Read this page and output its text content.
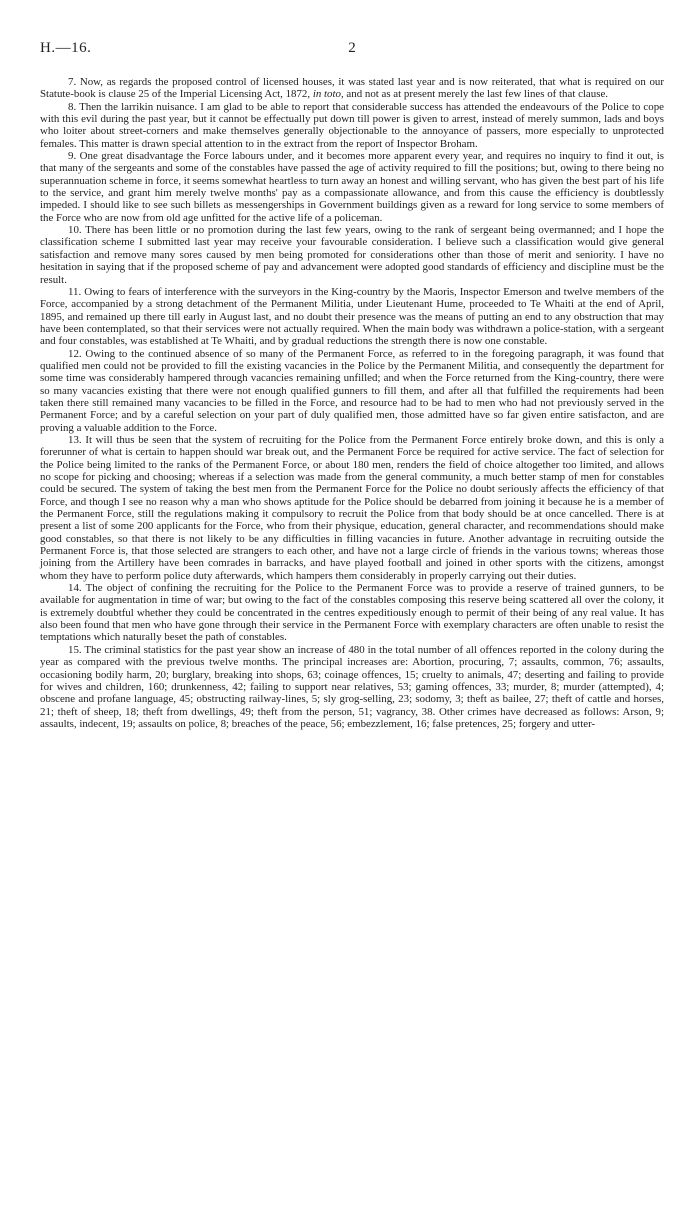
H.—16.	2

7. Now, as regards the proposed control of licensed houses, it was stated last year and is now reiterated, that what is required on our Statute-book is clause 25 of the Imperial Licensing Act, 1872, in toto, and not as at present merely the last few lines of that clause.

8. Then the larrikin nuisance. I am glad to be able to report that considerable success has attended the endeavours of the Police to cope with this evil during the past year, but it cannot be effectually put down till power is given to arrest, instead of merely summon, lads and boys who loiter about street-corners and make themselves generally objectionable to the annoyance of passers, more especially to unprotected females. This matter is drawn special attention to in the extract from the report of Inspector Broham.

9. One great disadvantage the Force labours under, and it becomes more apparent every year, and requires no inquiry to find it out, is that many of the sergeants and some of the constables have passed the age of activity required to fill the positions; but, owing to there being no superannuation scheme in force, it seems somewhat heartless to turn away an honest and willing servant, who has given the best part of his life to the service, and grant him merely twelve months' pay as a compassionate allowance, and from this cause the efficiency is doubtlessly impeded. I should like to see such billets as messengerships in Government buildings given as a reward for long service to some members of the Force who are now from old age unfitted for the active life of a policeman.

10. There has been little or no promotion during the last few years, owing to the rank of sergeant being overmanned; and I hope the classification scheme I submitted last year may receive your favourable consideration. I believe such a classification would give general satisfaction and remove many sores caused by men being promoted for considerations other than those of merit and seniority. I have no hesitation in saying that if the proposed scheme of pay and advancement were adopted good standards of efficiency and discipline must be the result.

11. Owing to fears of interference with the surveyors in the King-country by the Maoris, Inspector Emerson and twelve members of the Force, accompanied by a strong detachment of the Permanent Militia, under Lieutenant Hume, proceeded to Te Whaiti at the end of April, 1895, and remained up there till early in August last, and no doubt their presence was the means of putting an end to any obstruction that may have been contemplated, so that their services were not actually required. When the main body was withdrawn a police-station, with a sergeant and four constables, was established at Te Whaiti, and by gradual reductions the strength there is now one constable.

12. Owing to the continued absence of so many of the Permanent Force, as referred to in the foregoing paragraph, it was found that qualified men could not be provided to fill the existing vacancies in the Police by the Permanent Militia, and consequently the department for some time was considerably hampered through vacancies remaining unfilled; and when the Force returned from the King-country, there were so many vacancies existing that there were not enough qualified gunners to fill them, and after all that fulfilled the requirements had been taken there still remained many vacancies to be filled in the Force, and resource had to be had to men who had not previously served in the Permanent Force; and by a careful selection on your part of duly qualified men, those admitted have so far given entire satisfacton, and are proving a valuable addition to the Force.

13. It will thus be seen that the system of recruiting for the Police from the Permanent Force entirely broke down, and this is only a forerunner of what is certain to happen should war break out, and the Permanent Force be required for active service. The fact of selection for the Police being limited to the ranks of the Permanent Force, or about 180 men, renders the field of choice altogether too limited, and allows no scope for picking and choosing; whereas if a selection was made from the general community, a much better stamp of men for constables could be secured. The system of taking the best men from the Permanent Force for the Police no doubt seriously affects the efficiency of that Force, and though I see no reason why a man who shows aptitude for the Police should be debarred from joining it because he is a member of the Permanent Force, still the regulations making it compulsory to recruit the Police from that body should be at once cancelled. There is at present a list of some 200 applicants for the Force, who from their physique, education, general character, and recommendations should make good constables, so that there is not likely to be any difficulties in filling vacancies in future. Another advantage in recruiting outside the Permanent Force is, that those selected are strangers to each other, and have not a large circle of friends in the various towns; whereas those joining from the Artillery have been comrades in barracks, and have played football and joined in other sports with the citizens, amongst whom they have to perform police duty afterwards, which hampers them considerably in properly carrying out their duties.

14. The object of confining the recruiting for the Police to the Permanent Force was to provide a reserve of trained gunners, to be available for augmentation in time of war; but owing to the fact of the constables composing this reserve being scattered all over the colony, it is extremely doubtful whether they could be concentrated in the centres expeditiously enough to permit of their being of any real value. It has also been found that men who have gone through their service in the Permanent Force with exemplary characters are often unable to resist the temptations which naturally beset the path of constables.

15. The criminal statistics for the past year show an increase of 480 in the total number of all offences reported in the colony during the year as compared with the previous twelve months. The principal increases are: Abortion, procuring, 7; assaults, common, 76; assaults, occasioning bodily harm, 20; burglary, breaking into shops, 63; coinage offences, 15; cruelty to animals, 47; deserting and failing to provide for wives and children, 160; drunkenness, 42; failing to support near relatives, 53; gaming offences, 33; murder, 8; murder (attempted), 4; obscene and profane language, 45; obstructing railway-lines, 5; sly grog-selling, 23; sodomy, 3; theft as bailee, 27; theft of cattle and horses, 21; theft of sheep, 18; theft from dwellings, 49; theft from the person, 51; vagrancy, 38. Other crimes have decreased as follows: Arson, 9; assaults, indecent, 19; assaults on police, 8; breaches of the peace, 56; embezzlement, 16; false pretences, 25; forgery and utter-
